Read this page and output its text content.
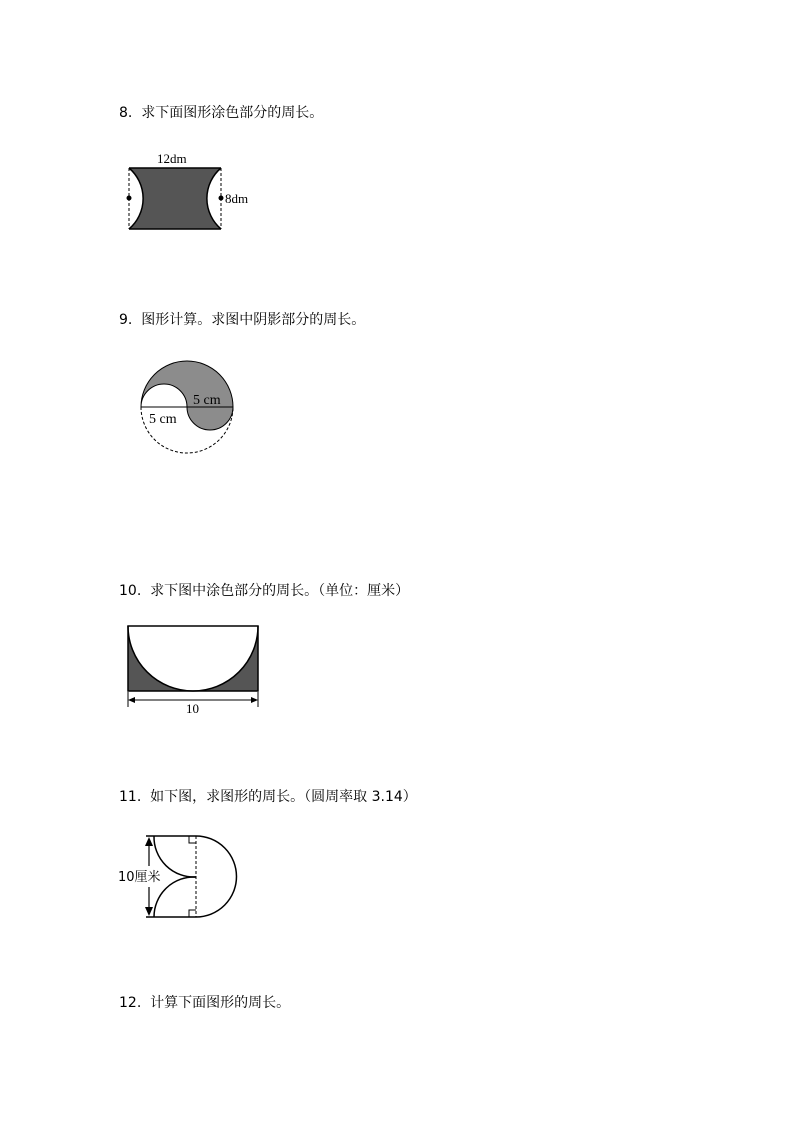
8. 求下面图形涂色部分的周长。
12dm
8dm
9. 图形计算。求图中阴影部分的周长。
5 cm
5 cm
10. 求下图中涂色部分的周长。（单位：厘米）
10
11. 如下图，求图形的周长。（圆周率取 3.14）
10厘米
12. 计算下面图形的周长。
